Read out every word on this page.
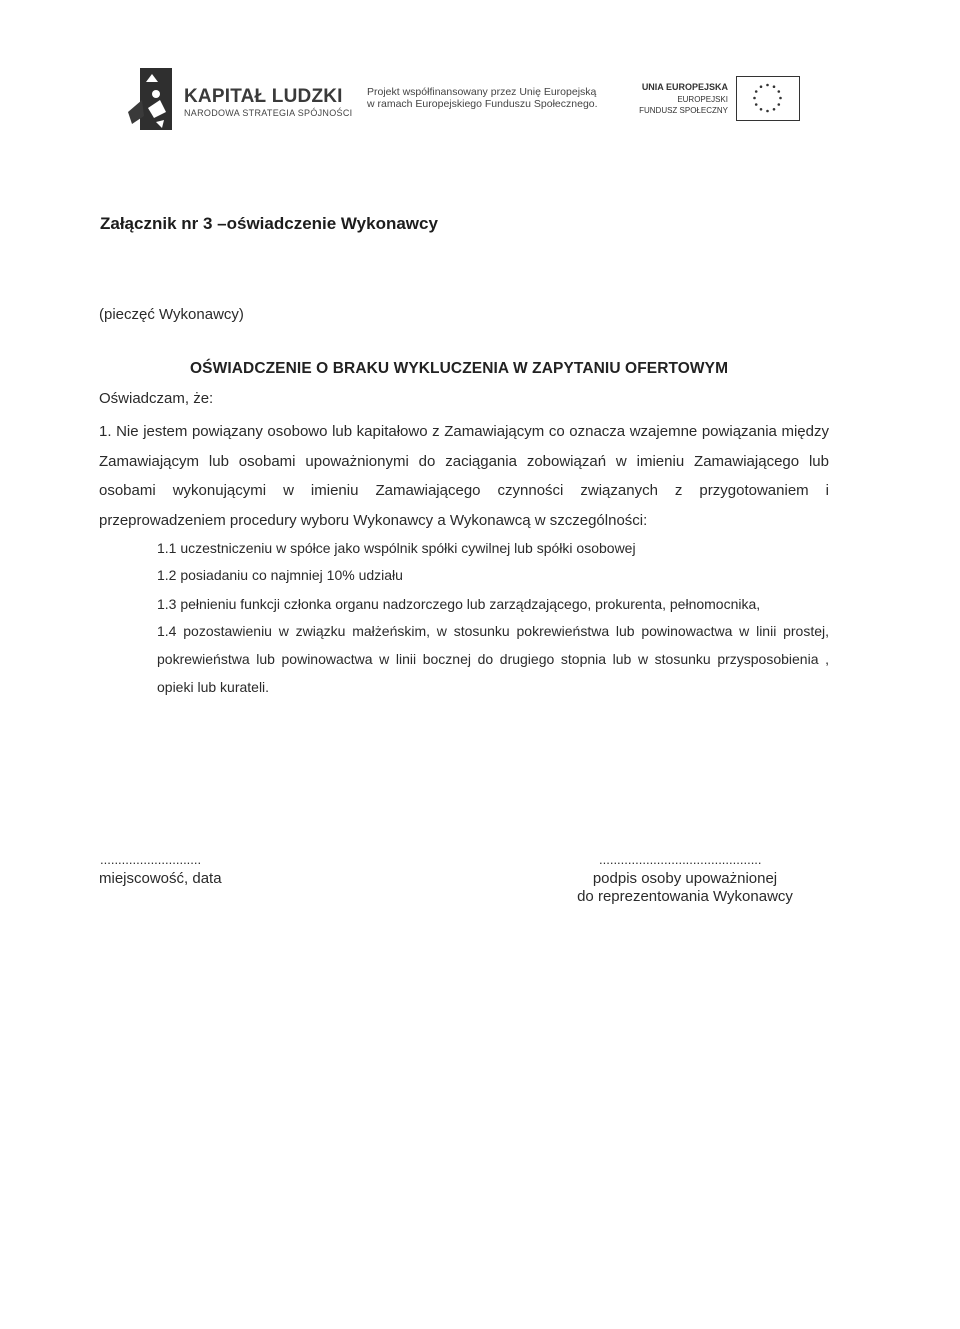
KAPITAŁ LUDZKI
NARODOWA STRATEGIA SPÓJNOŚCI
Projekt współfinansowany przez Unię Europejską
w ramach Europejskiego Funduszu Społecznego.
UNIA EUROPEJSKA
EUROPEJSKI
FUNDUSZ SPOŁECZNY
Załącznik nr 3 –oświadczenie Wykonawcy
(pieczęć Wykonawcy)
OŚWIADCZENIE O BRAKU WYKLUCZENIA W ZAPYTANIU OFERTOWYM
Oświadczam, że:
1. Nie jestem powiązany osobowo lub kapitałowo z Zamawiającym co oznacza wzajemne powiązania między Zamawiającym lub osobami upoważnionymi do zaciągania zobowiązań w imieniu Zamawiającego lub osobami wykonującymi w imieniu Zamawiającego czynności związanych z przygotowaniem i przeprowadzeniem procedury wyboru Wykonawcy a Wykonawcą w szczególności:
1.1 uczestniczeniu w spółce jako wspólnik spółki cywilnej lub spółki osobowej
1.2 posiadaniu co najmniej 10% udziału
1.3 pełnieniu funkcji członka organu nadzorczego lub zarządzającego, prokurenta, pełnomocnika,
1.4 pozostawieniu w związku małżeńskim, w stosunku pokrewieństwa lub powinowactwa w linii prostej, pokrewieństwa lub powinowactwa w linii bocznej do drugiego stopnia lub w stosunku przysposobienia , opieki lub kurateli.
............................
miejscowość, data
.............................................
podpis osoby upoważnionej
do reprezentowania Wykonawcy
